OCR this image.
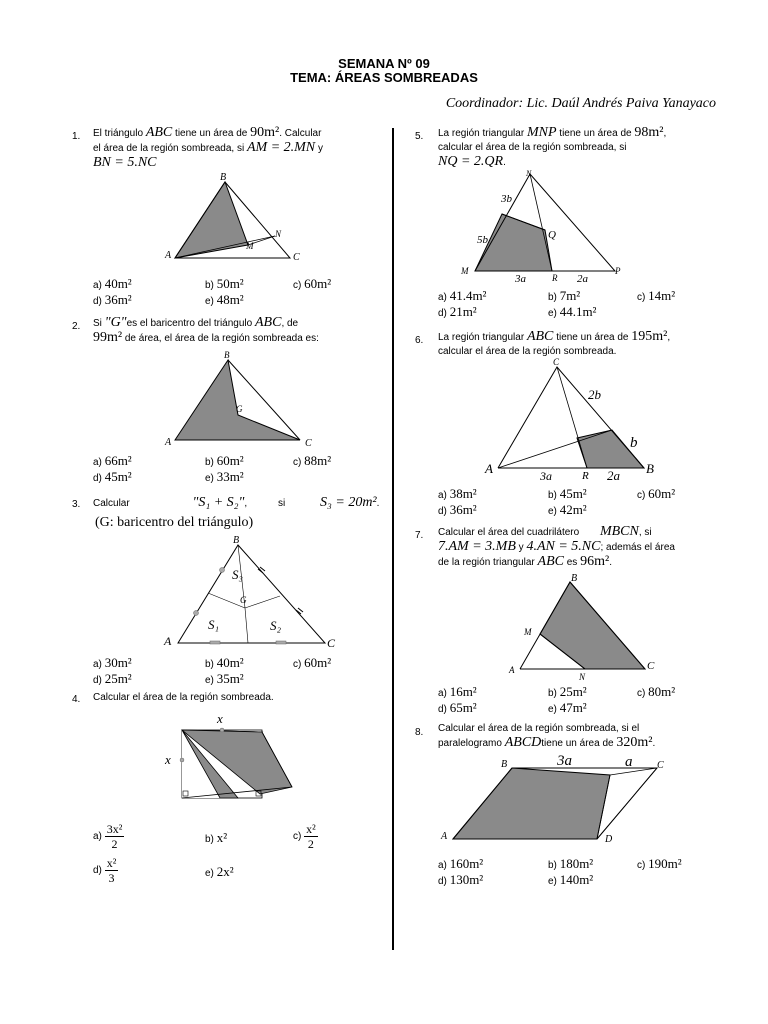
SEMANA Nº 09
TEMA: ÁREAS SOMBREADAS
Coordinador: Lic. Daúl Andrés Paiva Yanayaco
1. El triángulo ABC tiene un área de 90m². Calcular
el área de la región sombreada, si AM = 2.MN y
BN = 5.NC
A
B
C
M
N
a) 40m²	b) 50m²	c) 60m²
d) 36m²	e) 48m²
2. Si "G"es el baricentro del triángulo ABC, de
99m² de área, el área de la región sombreada es:
A
B
C
G
a) 66m²	b) 60m²	c) 88m²
d) 45m²	e) 33m²
3. Calcular	"S₁ + S₂",	si S₃ = 20m².
(G: baricentro del triángulo)
A
B
C
G
S₁	S₂
S₃
a) 30m²	b) 40m²	c) 60m²
d) 25m²	e) 35m²
4. Calcular el área de la región sombreada.
x
x
$a) \frac{\text{3x²}}{2}$	b) x²	$c) \frac{\text{x²}}{2}$
$d) \frac{\text{x²}}{3}$	e) 2x²
5. La región triangular MNP tiene un área de 98m²,
calcular el área de la región sombreada, si
NQ = 2.QR.
N
M	P
Q
R
3b
5b
3a	2a
a) 41.4m²	b) 7m²	c) 14m²
d) 21m²	e) 44.1m²
6. La región triangular ABC tiene un área de 195m²,
calcular el área de la región sombreada.
C
A	B
R
2b
b
3a	2a
a) 38m²	b) 45m²	c) 60m²
d) 36m²	e) 42m²
7. Calcular el área del cuadrilátero MBCN, si
7.AM = 3.MB y 4.AN = 5.NC; además el área
de la región triangular ABC es 96m².
B
A	C
M
N
a) 16m²	b) 25m²	c) 80m²
d) 65m²	e) 47m²
8. Calcular el área de la región sombreada, si el
paralelogramo ABCDtiene un área de 320m².
B	C
A	D
3a	a
a) 160m²	b) 180m²	c) 190m²
d) 130m²	e) 140m²
